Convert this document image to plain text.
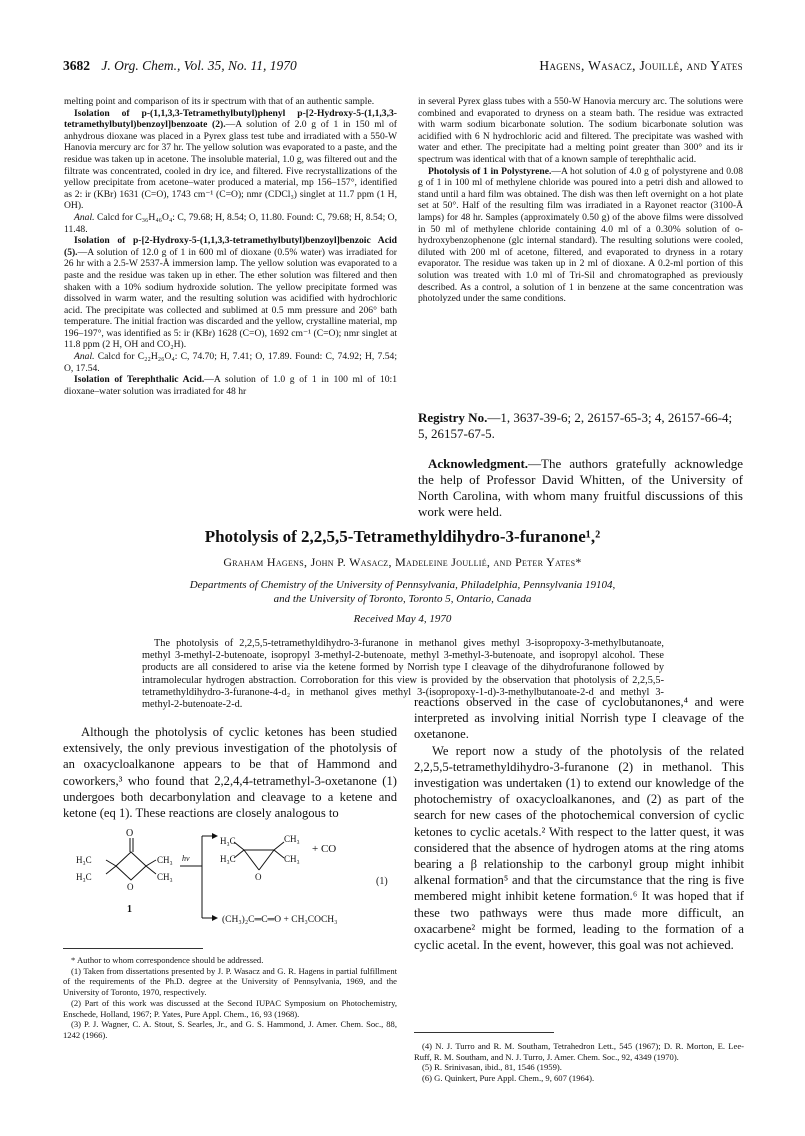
3682 J. Org. Chem., Vol. 35, No. 11, 1970	Hagens, Wasacz, Jouillé, and Yates

melting point and comparison of its ir spectrum with that of an authentic sample.

Isolation of p-(1,1,3,3-Tetramethylbutyl)phenyl p-[2-Hydroxy-5-(1,1,3,3-tetramethylbutyl)benzoyl]benzoate (2).—A solution of 2.0 g of 1 in 150 ml of anhydrous dioxane was placed in a Pyrex glass test tube and irradiated with a 550-W Hanovia mercury arc for 37 hr. The yellow solution was evaporated to a paste, and the residue was taken up in acetone. The insoluble material, 1.0 g, was filtered out and the filtrate was concentrated, cooled in dry ice, and filtered. Five recrystallizations of the yellow precipitate from acetone–water produced a material, mp 156–157°, identified as 2: ir (KBr) 1631 (C=O), 1743 cm⁻¹ (C=O); nmr (CDCl₃) singlet at 11.7 ppm (1 H, OH).

Anal. Calcd for C₃₆H₄₆O₄: C, 79.68; H, 8.54; O, 11.80. Found: C, 79.68; H, 8.54; O, 11.48.

Isolation of p-[2-Hydroxy-5-(1,1,3,3-tetramethylbutyl)benzoyl]benzoic Acid (5).—A solution of 12.0 g of 1 in 600 ml of dioxane (0.5% water) was irradiated for 26 hr with a 2.5-W 2537-Å immersion lamp. The yellow solution was evaporated to a paste and the residue was taken up in ether. The ether solution was filtered and then shaken with a 10% sodium hydroxide solution. The yellow precipitate formed was dissolved in warm water, and the resulting solution was acidified with hydrochloric acid. The precipitate was collected and sublimed at 0.5 mm pressure and 206° bath temperature. The initial fraction was discarded and the yellow, crystalline material, mp 196–197°, was identified as 5: ir (KBr) 1628 (C=O), 1692 cm⁻¹ (C=O); nmr singlet at 11.8 ppm (2 H, OH and CO₂H).

Anal. Calcd for C₂₂H₂₆O₄: C, 74.70; H, 7.41; O, 17.89. Found: C, 74.92; H, 7.54; O, 17.54.

Isolation of Terephthalic Acid.—A solution of 1.0 g of 1 in 100 ml of 10:1 dioxane–water solution was irradiated for 48 hr

in several Pyrex glass tubes with a 550-W Hanovia mercury arc. The solutions were combined and evaporated to dryness on a steam bath. The residue was extracted with warm sodium bicarbonate solution. The sodium bicarbonate solution was acidified with 6 N hydrochloric acid and filtered. The precipitate was washed with water and ether. The precipitate had a melting point greater than 300° and its ir spectrum was identical with that of a known sample of terephthalic acid.

Photolysis of 1 in Polystyrene.—A hot solution of 4.0 g of polystyrene and 0.08 g of 1 in 100 ml of methylene chloride was poured into a petri dish and allowed to stand until a hard film was obtained. The dish was then left overnight on a hot plate set at 50°. Half of the resulting film was irradiated in a Rayonet reactor (3100-Å lamps) for 48 hr. Samples (approximately 0.50 g) of the above films were dissolved in 50 ml of methylene chloride containing 4.0 ml of a 0.30% solution of o-hydroxybenzophenone (glc internal standard). The resulting solutions were cooled, diluted with 200 ml of acetone, filtered, and evaporated to dryness in a rotary evaporator. The residue was taken up in 2 ml of dioxane. A 0.2-ml portion of this solution was treated with 1.0 ml of Tri-Sil and chromatographed as previously described. As a control, a solution of 1 in benzene at the same concentration was photolyzed under the same conditions.

Registry No.—1, 3637-39-6; 2, 26157-65-3; 4, 26157-66-4; 5, 26157-67-5.
Acknowledgment.—The authors gratefully acknowledge the help of Professor David Whitten, of the University of North Carolina, with whom many fruitful discussions of this work were held.
Photolysis of 2,2,5,5-Tetramethyldihydro-3-furanone¹,²
Graham Hagens, John P. Wasacz, Madeleine Joullié, and Peter Yates*
Departments of Chemistry of the University of Pennsylvania, Philadelphia, Pennsylvania 19104,
and the University of Toronto, Toronto 5, Ontario, Canada
Received May 4, 1970
The photolysis of 2,2,5,5-tetramethyldihydro-3-furanone in methanol gives methyl 3-isopropoxy-3-methylbutanoate, methyl 3-methyl-2-butenoate, isopropyl 3-methyl-2-butenoate, methyl 3-methyl-3-butenoate, and isopropyl alcohol. These products are all considered to arise via the ketene formed by Norrish type I cleavage of the dihydrofuranone followed by intramolecular hydrogen abstraction. Corroboration for this view is provided by the observation that photolysis of 2,2,5,5-tetramethyldihydro-3-furanone-4-d₂ in methanol gives methyl 3-(isopropoxy-1-d)-3-methylbutanoate-2-d and methyl 3-methyl-2-butenoate-2-d.

Although the photolysis of cyclic ketones has been studied extensively, the only previous investigation of the photolysis of an oxacycloalkanone appears to be that of Hammond and coworkers,³ who found that 2,2,4,4-tetramethyl-3-oxetanone (1) undergoes both decarbonylation and cleavage to a ketene and ketone (eq 1). These reactions are closely analogous to

reactions observed in the case of cyclobutanones,⁴ and were interpreted as involving initial Norrish type I cleavage of the oxetanone.

We report now a study of the photolysis of the related 2,2,5,5-tetramethyldihydro-3-furanone (2) in methanol. This investigation was undertaken (1) to extend our knowledge of the photochemistry of oxacycloalkanones, and (2) as part of the search for new cases of the photochemical conversion of cyclic ketones to cyclic acetals.² With respect to the latter quest, it was considered that the absence of hydrogen atoms at the ring atoms bearing a β relationship to the carbonyl group might inhibit alkenal formation⁵ and that the circumstance that the ring is five membered might inhibit ketene formation.⁶ It was hoped that if these two pathways were thus made more difficult, an oxacarbene² might be formed, leading to the formation of a cyclic acetal. In the event, however, this goal was not achieved.

O
H₃C
H₃C
CH₃
CH₃
O
1
hν
H₃C
H₃C
CH₃
CH₃
O
+ CO
(1)
(CH₃)₂C═C═O + CH₃COCH₃

* Author to whom correspondence should be addressed.

(1) Taken from dissertations presented by J. P. Wasacz and G. R. Hagens in partial fulfillment of the requirements of the Ph.D. degree at the University of Pennsylvania, 1969, and the University of Toronto, 1970, respectively.

(2) Part of this work was discussed at the Second IUPAC Symposium on Photochemistry, Enschede, Holland, 1967; P. Yates, Pure Appl. Chem., 16, 93 (1968).

(3) P. J. Wagner, C. A. Stout, S. Searles, Jr., and G. S. Hammond, J. Amer. Chem. Soc., 88, 1242 (1966).

(4) N. J. Turro and R. M. Southam, Tetrahedron Lett., 545 (1967); D. R. Morton, E. Lee-Ruff, R. M. Southam, and N. J. Turro, J. Amer. Chem. Soc., 92, 4349 (1970).

(5) R. Srinivasan, ibid., 81, 1546 (1959).

(6) G. Quinkert, Pure Appl. Chem., 9, 607 (1964).
